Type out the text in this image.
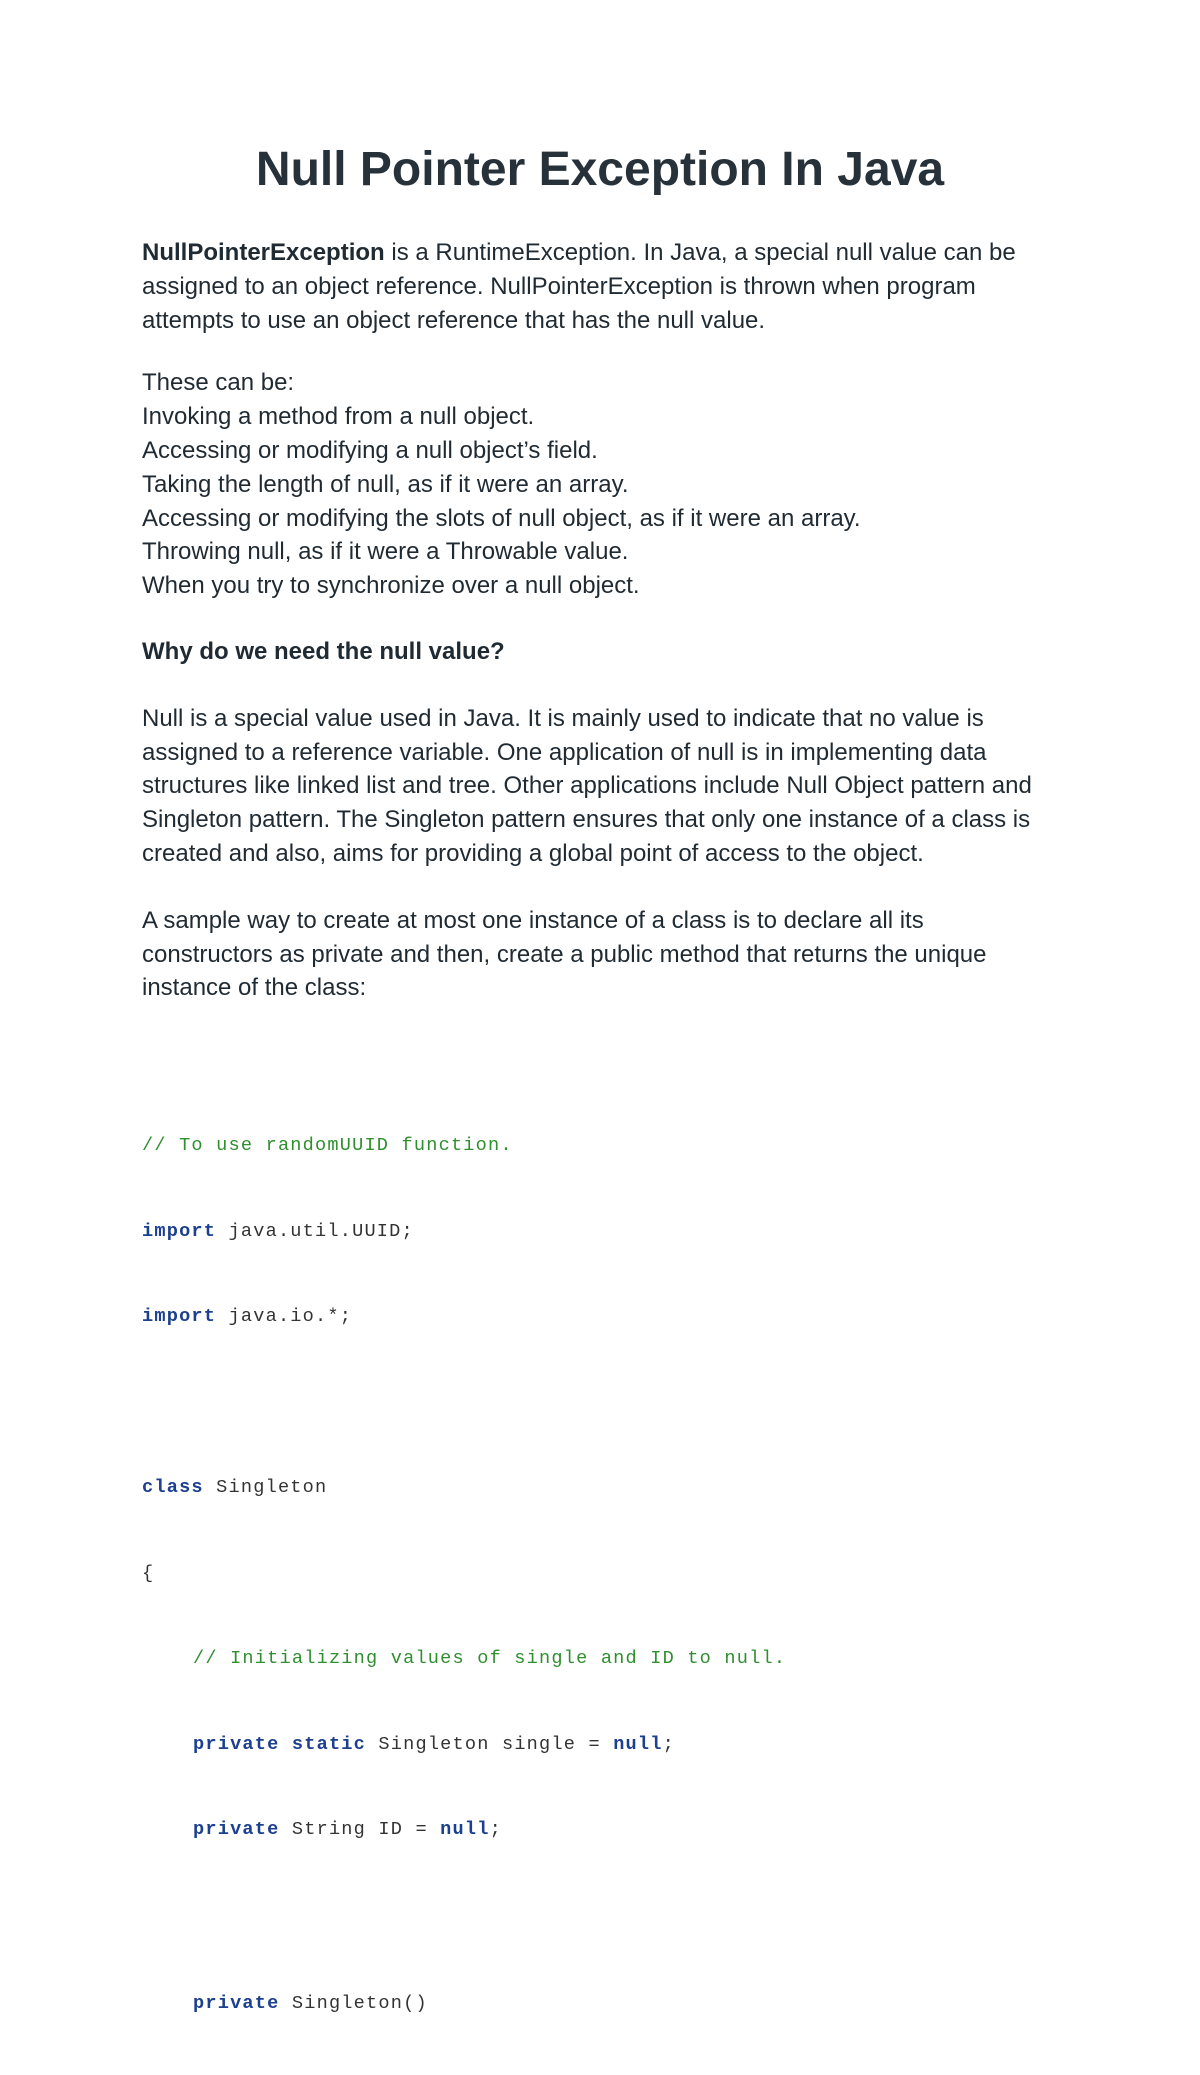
Null Pointer Exception In Java

NullPointerException is a RuntimeException. In Java, a special null value can be assigned to an object reference. NullPointerException is thrown when program attempts to use an object reference that has the null value.

These can be:

Invoking a method from a null object.
Accessing or modifying a null object’s field.
Taking the length of null, as if it were an array.
Accessing or modifying the slots of null object, as if it were an array.
Throwing null, as if it were a Throwable value.
When you try to synchronize over a null object.

Why do we need the null value?

Null is a special value used in Java. It is mainly used to indicate that no value is assigned to a reference variable. One application of null is in implementing data structures like linked list and tree. Other applications include Null Object pattern and Singleton pattern. The Singleton pattern ensures that only one instance of a class is created and also, aims for providing a global point of access to the object.

A sample way to create at most one instance of a class is to declare all its constructors as private and then, create a public method that returns the unique instance of the class:

// To use randomUUID function.

import java.util.UUID;

import java.io.*;

class Singleton

{

// Initializing values of single and ID to null.

private static Singleton single = null;

private String ID = null;

private Singleton()
